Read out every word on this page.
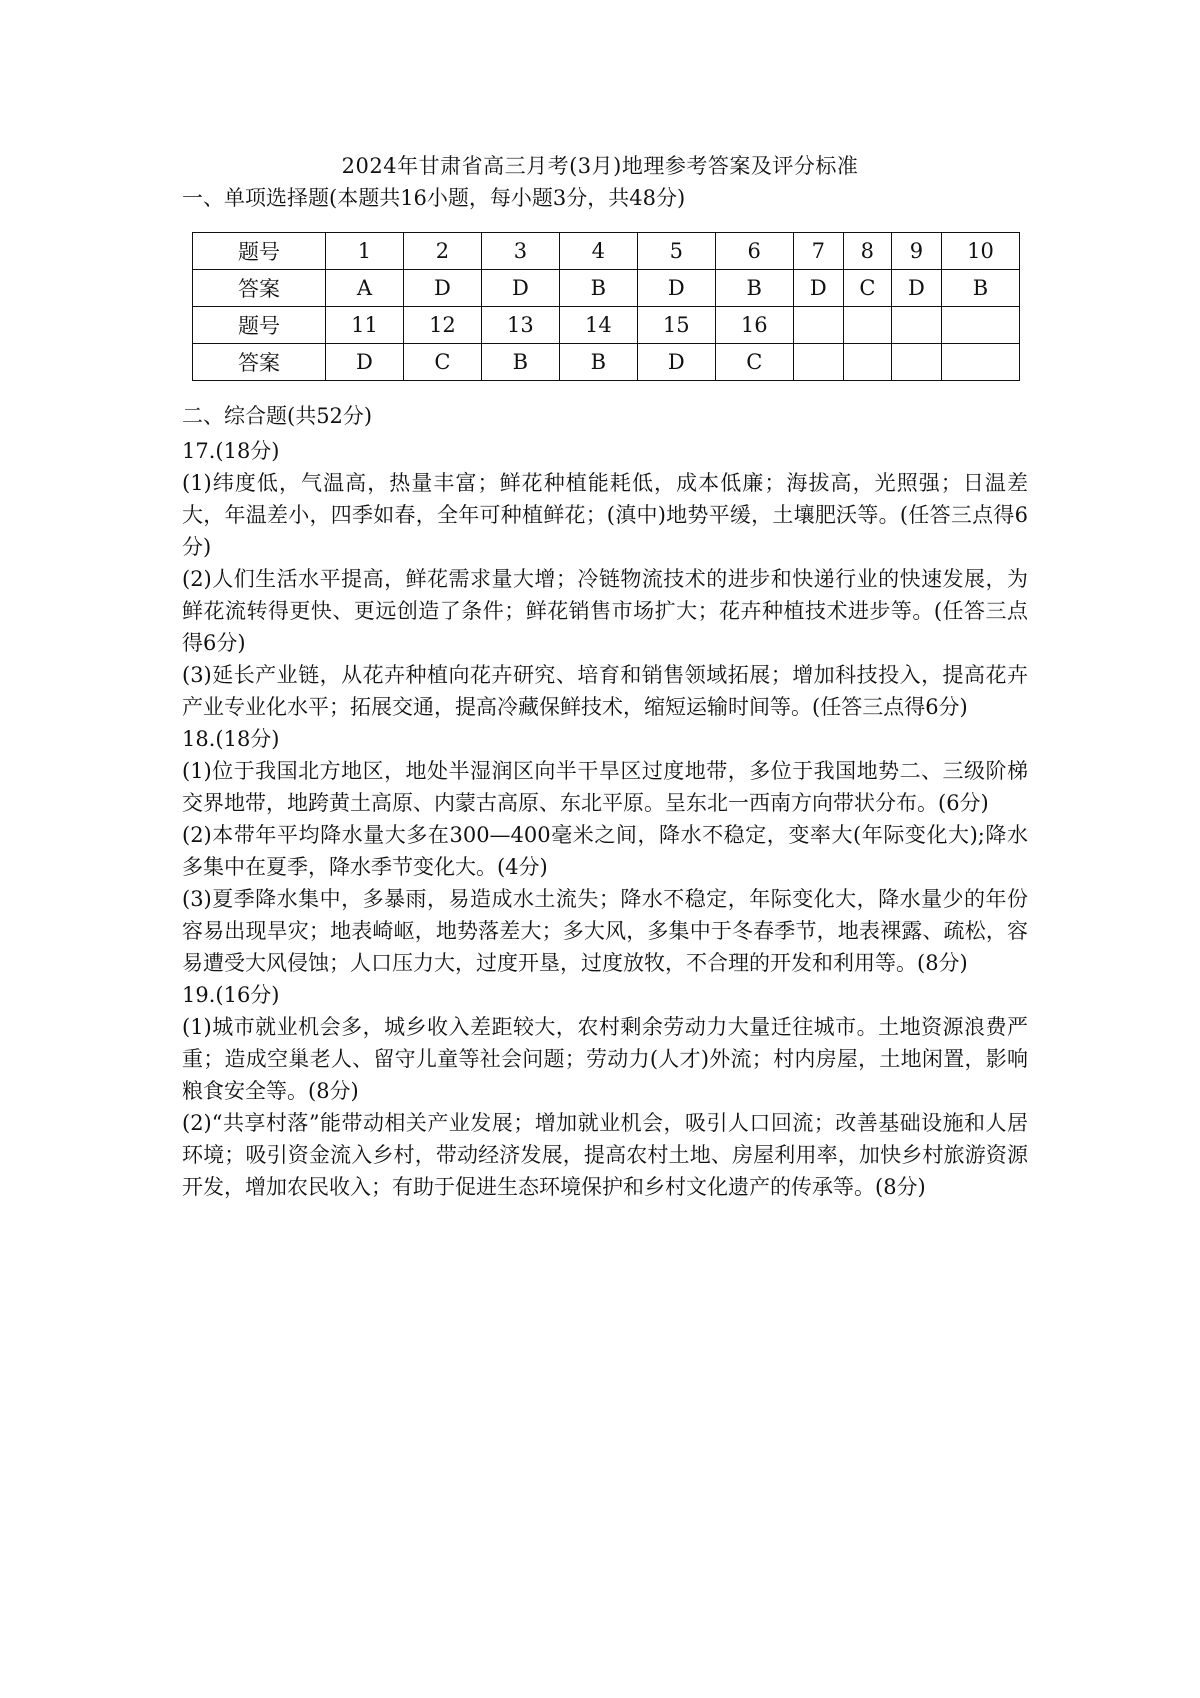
2024年甘肃省高三月考(3月)地理参考答案及评分标准
一、单项选择题(本题共16小题，每小题3分，共48分)
题号	1	2	3	4	5	6	7	8	9	10
答案	A	D	D	B	D	B	D	C	D	B
题号	11	12	13	14	15	16				
答案	D	C	B	B	D	C				
二、综合题(共52分)

17.(18分)

(1)纬度低，气温高，热量丰富；鲜花种植能耗低，成本低廉；海拔高，光照强；日温差大，年温差小，四季如春，全年可种植鲜花；(滇中)地势平缓，土壤肥沃等。(任答三点得6分)

(2)人们生活水平提高，鲜花需求量大增；冷链物流技术的进步和快递行业的快速发展，为鲜花流转得更快、更远创造了条件；鲜花销售市场扩大；花卉种植技术进步等。(任答三点得6分)

(3)延长产业链，从花卉种植向花卉研究、培育和销售领域拓展；增加科技投入，提高花卉产业专业化水平；拓展交通，提高冷藏保鲜技术，缩短运输时间等。(任答三点得6分)

18.(18分)

(1)位于我国北方地区，地处半湿润区向半干旱区过度地带，多位于我国地势二、三级阶梯交界地带，地跨黄土高原、内蒙古高原、东北平原。呈东北一西南方向带状分布。(6分)

(2)本带年平均降水量大多在300—400毫米之间，降水不稳定，变率大(年际变化大);降水多集中在夏季，降水季节变化大。(4分)

(3)夏季降水集中，多暴雨，易造成水土流失；降水不稳定，年际变化大，降水量少的年份容易出现旱灾；地表崎岖，地势落差大；多大风，多集中于冬春季节，地表裸露、疏松，容易遭受大风侵蚀；人口压力大，过度开垦，过度放牧，不合理的开发和利用等。(8分)

19.(16分)

(1)城市就业机会多，城乡收入差距较大，农村剩余劳动力大量迁往城市。土地资源浪费严重；造成空巢老人、留守儿童等社会问题；劳动力(人才)外流；村内房屋，土地闲置，影响粮食安全等。(8分)

(2)“共享村落”能带动相关产业发展；增加就业机会，吸引人口回流；改善基础设施和人居环境；吸引资金流入乡村，带动经济发展，提高农村土地、房屋利用率，加快乡村旅游资源开发，增加农民收入；有助于促进生态环境保护和乡村文化遗产的传承等。(8分)
